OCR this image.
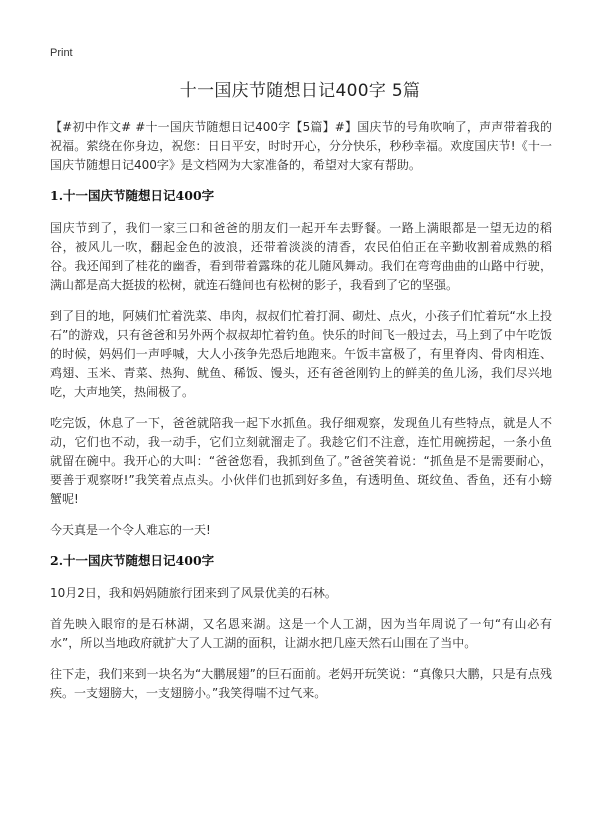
Print
十一国庆节随想日记400字 5篇

【#初中作文# #十一国庆节随想日记400字【5篇】#】国庆节的号角吹响了，声声带着我的祝福。萦绕在你身边，祝您：日日平安，时时开心，分分快乐，秒秒幸福。欢度国庆节!《十一国庆节随想日记400字》是文档网为大家准备的，希望对大家有帮助。

1.十一国庆节随想日记400字

国庆节到了，我们一家三口和爸爸的朋友们一起开车去野餐。一路上满眼都是一望无边的稻谷，被风儿一吹，翻起金色的波浪，还带着淡淡的清香，农民伯伯正在辛勤收割着成熟的稻谷。我还闻到了桂花的幽香，看到带着露珠的花儿随风舞动。我们在弯弯曲曲的山路中行驶，满山都是高大挺拔的松树，就连石缝间也有松树的影子，我看到了它的坚强。

到了目的地，阿姨们忙着洗菜、串肉，叔叔们忙着打洞、砌灶、点火，小孩子们忙着玩“水上投石”的游戏，只有爸爸和另外两个叔叔却忙着钓鱼。快乐的时间飞一般过去，马上到了中午吃饭的时候，妈妈们一声呼喊，大人小孩争先恐后地跑来。午饭丰富极了，有里脊肉、骨肉相连、鸡翅、玉米、青菜、热狗、鱿鱼、稀饭、馒头，还有爸爸刚钓上的鲜美的鱼儿汤，我们尽兴地吃，大声地笑，热闹极了。

吃完饭，休息了一下，爸爸就陪我一起下水抓鱼。我仔细观察，发现鱼儿有些特点，就是人不动，它们也不动，我一动手，它们立刻就溜走了。我趁它们不注意，连忙用碗捞起，一条小鱼就留在碗中。我开心的大叫：“爸爸您看，我抓到鱼了。”爸爸笑着说：“抓鱼是不是需要耐心，要善于观察呀!”我笑着点点头。小伙伴们也抓到好多鱼，有透明鱼、斑纹鱼、香鱼，还有小螃蟹呢!

今天真是一个令人难忘的一天!

2.十一国庆节随想日记400字

10月2日，我和妈妈随旅行团来到了风景优美的石林。

首先映入眼帘的是石林湖，又名恩来湖。这是一个人工湖，因为当年周说了一句“有山必有水”，所以当地政府就扩大了人工湖的面积，让湖水把几座天然石山围在了当中。

往下走，我们来到一块名为“大鹏展翅”的巨石面前。老妈开玩笑说：“真像只大鹏，只是有点残疾。一支翅膀大，一支翅膀小。”我笑得喘不过气来。
